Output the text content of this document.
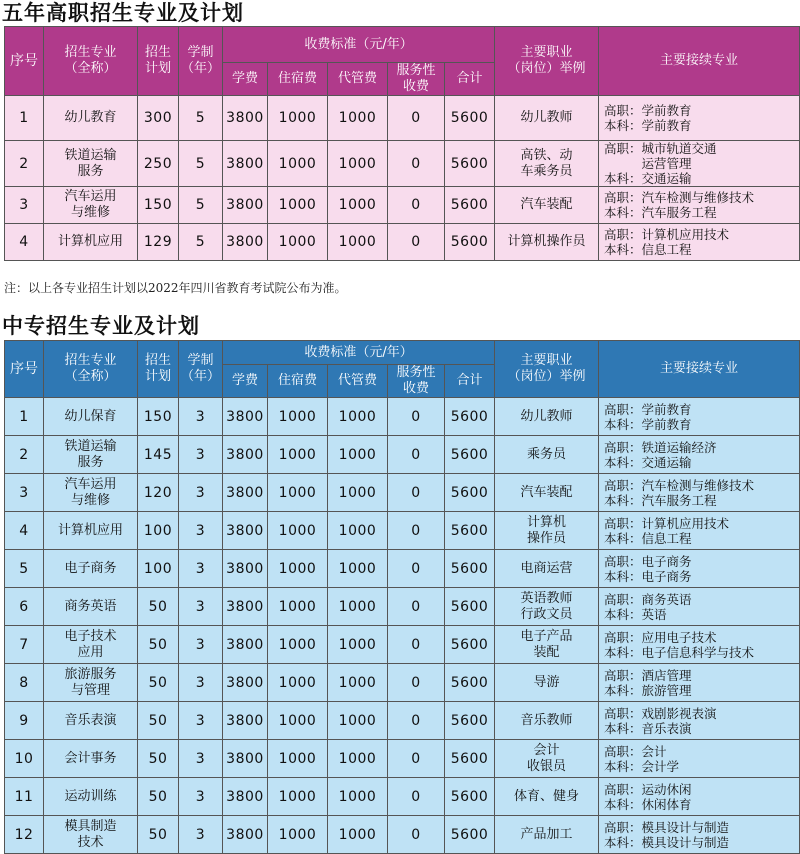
五年高职招生专业及计划
序号	招生专业
（全称）	招生
计划	学制
（年）	收费标准（元/年）					主要职业
（岗位）举例	主要接续专业
				学费	住宿费	代管费	服务性
收费	合计		
1	幼儿教育	300	5	3800	1000	1000	0	5600	幼儿教师	高职：学前教育
本科：学前教育
2	铁道运输
服务	250	5	3800	1000	1000	0	5600	高铁、动
车乘务员	高职：城市轨道交通
　　　运营管理
本科：交通运输
3	汽车运用
与维修	150	5	3800	1000	1000	0	5600	汽车装配	高职：汽车检测与维修技术
本科：汽车服务工程
4	计算机应用	129	5	3800	1000	1000	0	5600	计算机操作员	高职：计算机应用技术
本科：信息工程
注：以上各专业招生计划以2022年四川省教育考试院公布为准。
中专招生专业及计划
序号	招生专业
（全称）	招生
计划	学制
（年）	收费标准（元/年）					主要职业
（岗位）举例	主要接续专业
				学费	住宿费	代管费	服务性
收费	合计		
1	幼儿保育	150	3	3800	1000	1000	0	5600	幼儿教师	高职：学前教育
本科：学前教育
2	铁道运输
服务	145	3	3800	1000	1000	0	5600	乘务员	高职：铁道运输经济
本科：交通运输
3	汽车运用
与维修	120	3	3800	1000	1000	0	5600	汽车装配	高职：汽车检测与维修技术
本科：汽车服务工程
4	计算机应用	100	3	3800	1000	1000	0	5600	计算机
操作员	高职：计算机应用技术
本科：信息工程
5	电子商务	100	3	3800	1000	1000	0	5600	电商运营	高职：电子商务
本科：电子商务
6	商务英语	50	3	3800	1000	1000	0	5600	英语教师
行政文员	高职：商务英语
本科：英语
7	电子技术
应用	50	3	3800	1000	1000	0	5600	电子产品
装配	高职：应用电子技术
本科：电子信息科学与技术
8	旅游服务
与管理	50	3	3800	1000	1000	0	5600	导游	高职：酒店管理
本科：旅游管理
9	音乐表演	50	3	3800	1000	1000	0	5600	音乐教师	高职：戏剧影视表演
本科：音乐表演
10	会计事务	50	3	3800	1000	1000	0	5600	会计
收银员	高职：会计
本科：会计学
11	运动训练	50	3	3800	1000	1000	0	5600	体育、健身	高职：运动休闲
本科：休闲体育
12	模具制造
技术	50	3	3800	1000	1000	0	5600	产品加工	高职：模具设计与制造
本科：模具设计与制造
